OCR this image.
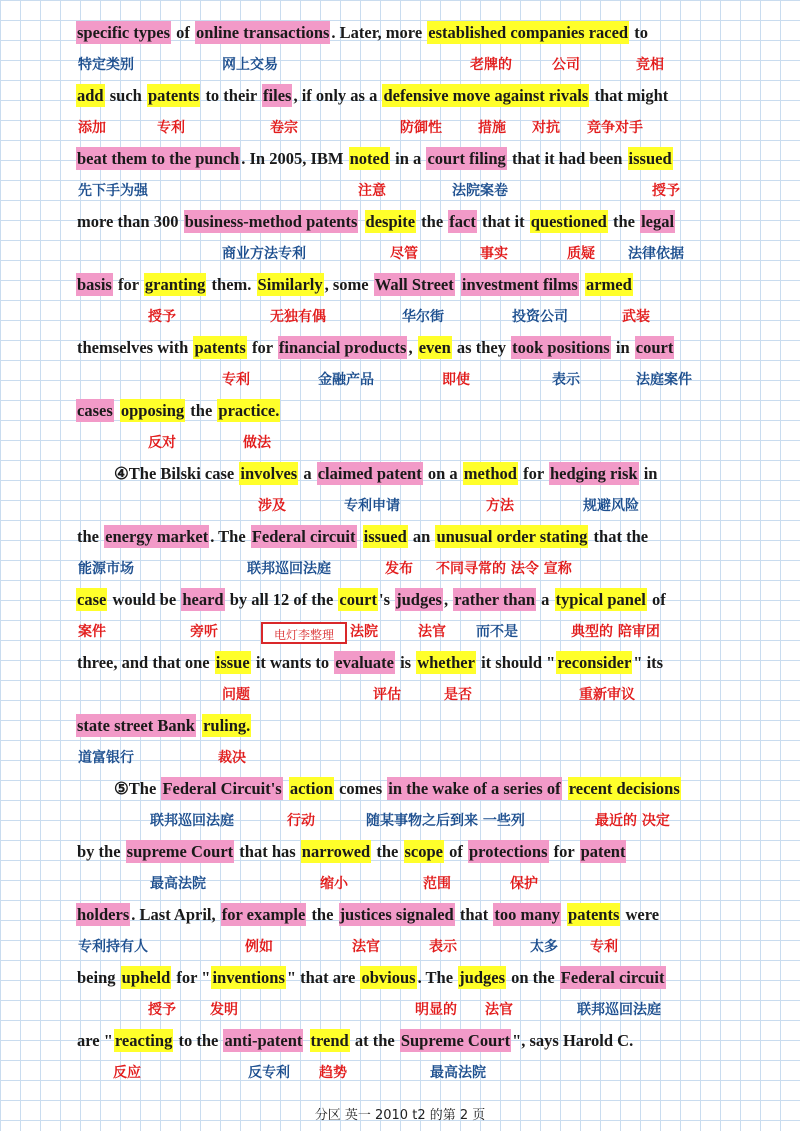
电灯李整理
分区 英一 2010 t2 的第 2 页
specific types of online transactions . Later, more established companies raced to
add such patents to their files , if only as a defensive move against rivals that might
beat them to the punch . In 2005, IBM noted in a court filing that it had been issued
more than 300 business-method patents despite the fact that it questioned the legal
basis for granting them. Similarly , some Wall Street investment films armed
themselves with patents for financial products , even as they took positions in court
cases opposing the practice.
④The Bilski case involves a claimed patent on a method for hedging risk in
the energy market . The Federal circuit issued an unusual order stating that the
case would be heard by all 12 of the court 's judges , rather than a typical panel of
three, and that one issue it wants to evaluate is whether it should " reconsider " its
state street Bank ruling.
⑤The Federal Circuit's action comes in the wake of a series of recent decisions
by the supreme Court that has narrowed the scope of protections for patent
holders . Last April, for example the justices signaled that too many patents were
being upheld for " inventions " that are obvious . The judges on the Federal circuit
are " reacting to the anti-patent trend at the Supreme Court ", says Harold C.
特定类别	网上交易	老牌的	公司	竞相
添加	专利	卷宗	防御性	措施 对抗 竞争对手
先下手为强	注意	法院案卷	授予
商业方法专利	尽管	事实	质疑 法律依据
授予	无独有偶	华尔街	投资公司	武装
专利	金融产品	即使	表示	法庭案件
反对	做法
涉及	专利申请	方法	规避风险
能源市场	联邦巡回法庭	发布 不同寻常的 法令 宣称
案件	旁听	法院	法官 而不是	典型的 陪审团
问题	评估	是否	重新审议
道富银行	裁决
联邦巡回法庭	行动	随某事物之后到来 一些列	最近的 决定
最高法院	缩小	范围	保护
专利持有人	例如	法官	表示	太多 专利
授予 发明	明显的 法官	联邦巡回法庭
反应	反专利 趋势	最高法院
